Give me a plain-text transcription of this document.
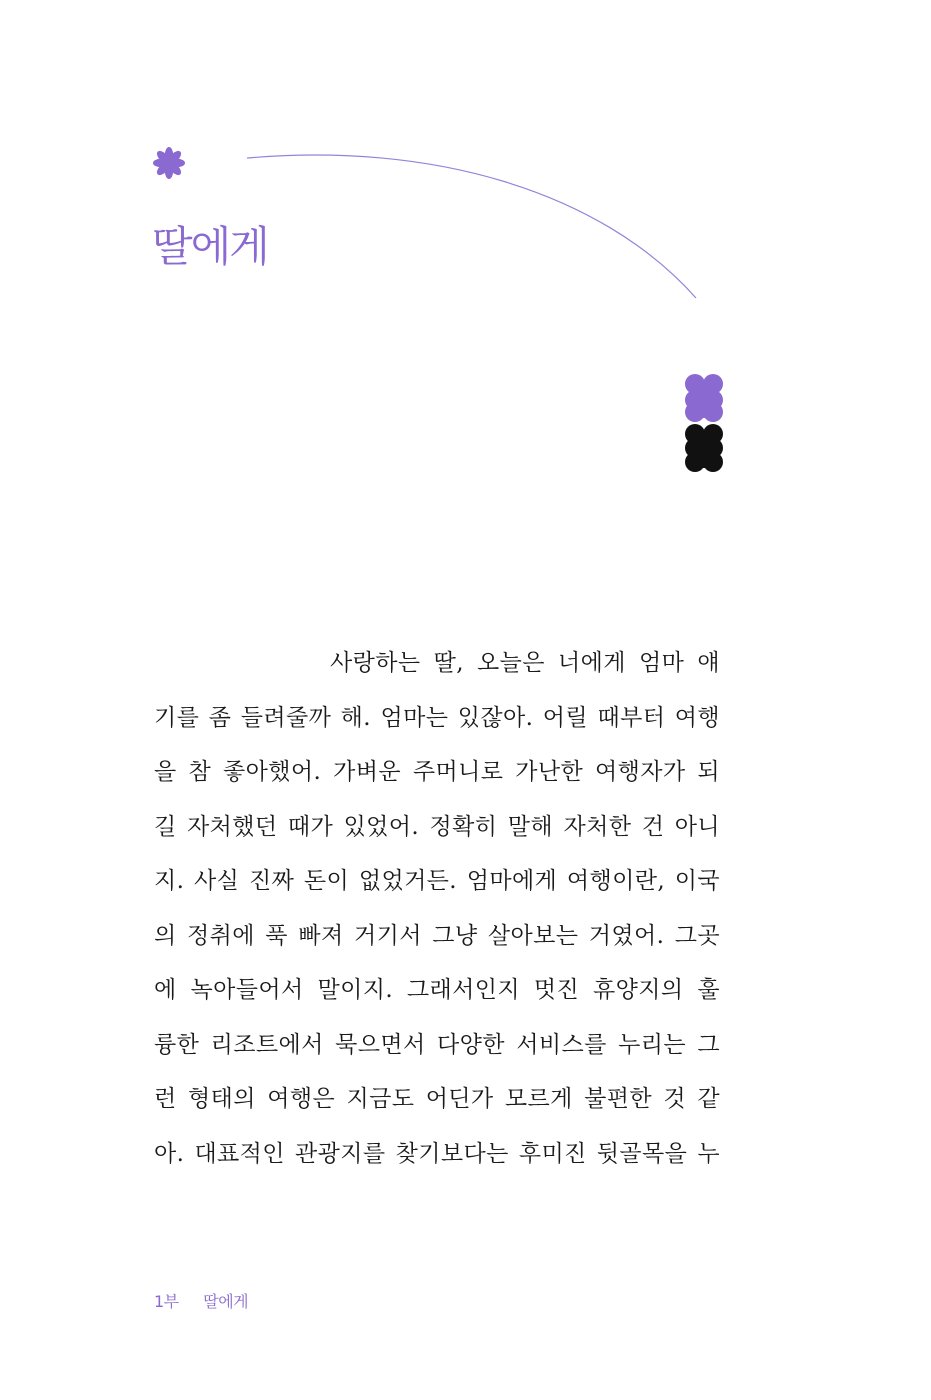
딸에게

사랑하는 딸, 오늘은 너에게 엄마 얘
기를 좀 들려줄까 해. 엄마는 있잖아. 어릴 때부터 여행
을 참 좋아했어. 가벼운 주머니로 가난한 여행자가 되
길 자처했던 때가 있었어. 정확히 말해 자처한 건 아니
지. 사실 진짜 돈이 없었거든. 엄마에게 여행이란, 이국
의 정취에 푹 빠져 거기서 그냥 살아보는 거였어. 그곳
에 녹아들어서 말이지. 그래서인지 멋진 휴양지의 훌
륭한 리조트에서 묵으면서 다양한 서비스를 누리는 그
런 형태의 여행은 지금도 어딘가 모르게 불편한 것 같
아. 대표적인 관광지를 찾기보다는 후미진 뒷골목을 누

1부 딸에게
